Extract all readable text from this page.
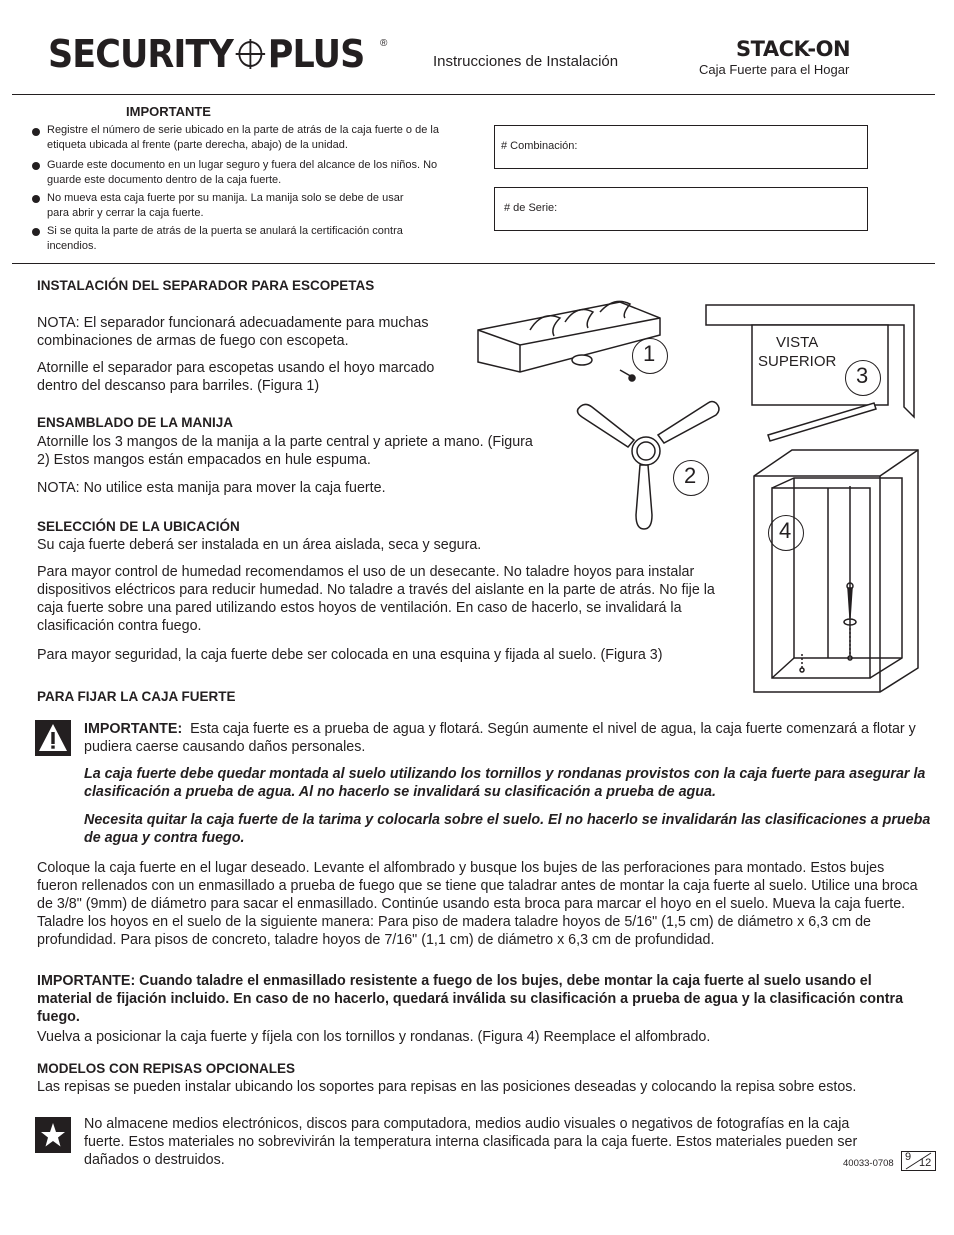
SECURITY PLUS ®
Instrucciones de Instalación
STACK-ON
Caja Fuerte para el Hogar
IMPORTANTE
Registre el número de serie ubicado en la parte de atrás de la caja fuerte o de la etiqueta ubicada al frente (parte derecha, abajo) de la unidad.
Guarde este documento en un lugar seguro y fuera del alcance de los niños. No guarde este documento dentro de la caja fuerte.
No mueva esta caja fuerte por su manija. La manija solo se debe de usar para abrir y cerrar la caja fuerte.
Si se quita la parte de atrás de la puerta se anulará la certificación contra incendios.
# Combinación:
# de Serie:
INSTALACIÓN DEL SEPARADOR PARA ESCOPETAS
NOTA: El separador funcionará adecuadamente para muchas combinaciones de armas de fuego con escopeta.
Atornille el separador para escopetas usando el hoyo marcado dentro del descanso para barriles. (Figura 1)
ENSAMBLADO DE LA MANIJA
Atornille los 3 mangos de la manija a la parte central y apriete a mano. (Figura 2) Estos mangos están empacados en hule espuma.
NOTA: No utilice esta manija para mover la caja fuerte.
SELECCIÓN DE LA UBICACIÓN
Su caja fuerte deberá ser instalada en un área aislada, seca y segura.
Para mayor control de humedad recomendamos el uso de un desecante. No taladre hoyos para instalar dispositivos eléctricos para reducir humedad. No taladre a través del aislante en la parte de atrás. No fije la caja fuerte sobre una pared utilizando estos hoyos de ventilación. En caso de hacerlo, se invalidará la clasificación contra fuego.
Para mayor seguridad, la caja fuerte debe ser colocada en una esquina y fijada al suelo. (Figura 3)
PARA FIJAR LA CAJA FUERTE
IMPORTANTE: Esta caja fuerte es a prueba de agua y flotará. Según aumente el nivel de agua, la caja fuerte comenzará a flotar y pudiera caerse causando daños personales.
La caja fuerte debe quedar montada al suelo utilizando los tornillos y rondanas provistos con la caja fuerte para asegurar la clasificación a prueba de agua. Al no hacerlo se invalidará su clasificación a prueba de agua.
Necesita quitar la caja fuerte de la tarima y colocarla sobre el suelo. El no hacerlo se invalidarán las clasificaciones a prueba de agua y contra fuego.
Coloque la caja fuerte en el lugar deseado. Levante el alfombrado y busque los bujes de las perforaciones para montado. Estos bujes fueron rellenados con un enmasillado a prueba de fuego que se tiene que taladrar antes de montar la caja fuerte al suelo. Utilice una broca de 3/8" (9mm) de diámetro para sacar el enmasillado. Continúe usando esta broca para marcar el hoyo en el suelo. Mueva la caja fuerte. Taladre los hoyos en el suelo de la siguiente manera: Para piso de madera taladre hoyos de 5/16" (1,5 cm) de diámetro x 6,3 cm de profundidad. Para pisos de concreto, taladre hoyos de 7/16" (1,1 cm) de diámetro x 6,3 cm de profundidad.
IMPORTANTE: Cuando taladre el enmasillado resistente a fuego de los bujes, debe montar la caja fuerte al suelo usando el material de fijación incluido. En caso de no hacerlo, quedará inválida su clasificación a prueba de agua y la clasificación contra fuego.
Vuelva a posicionar la caja fuerte y fíjela con los tornillos y rondanas. (Figura 4) Reemplace el alfombrado.
MODELOS CON REPISAS OPCIONALES
Las repisas se pueden instalar ubicando los soportes para repisas en las posiciones deseadas y colocando la repisa sobre estos.
No almacene medios electrónicos, discos para computadora, medios audio visuales o negativos de fotografías en la caja fuerte. Estos materiales no sobrevivirán la temperatura interna clasificada para la caja fuerte. Estos materiales pueden ser dañados o destruidos.	40033-0708
9 12
1
2
VISTA
SUPERIOR
3
4
